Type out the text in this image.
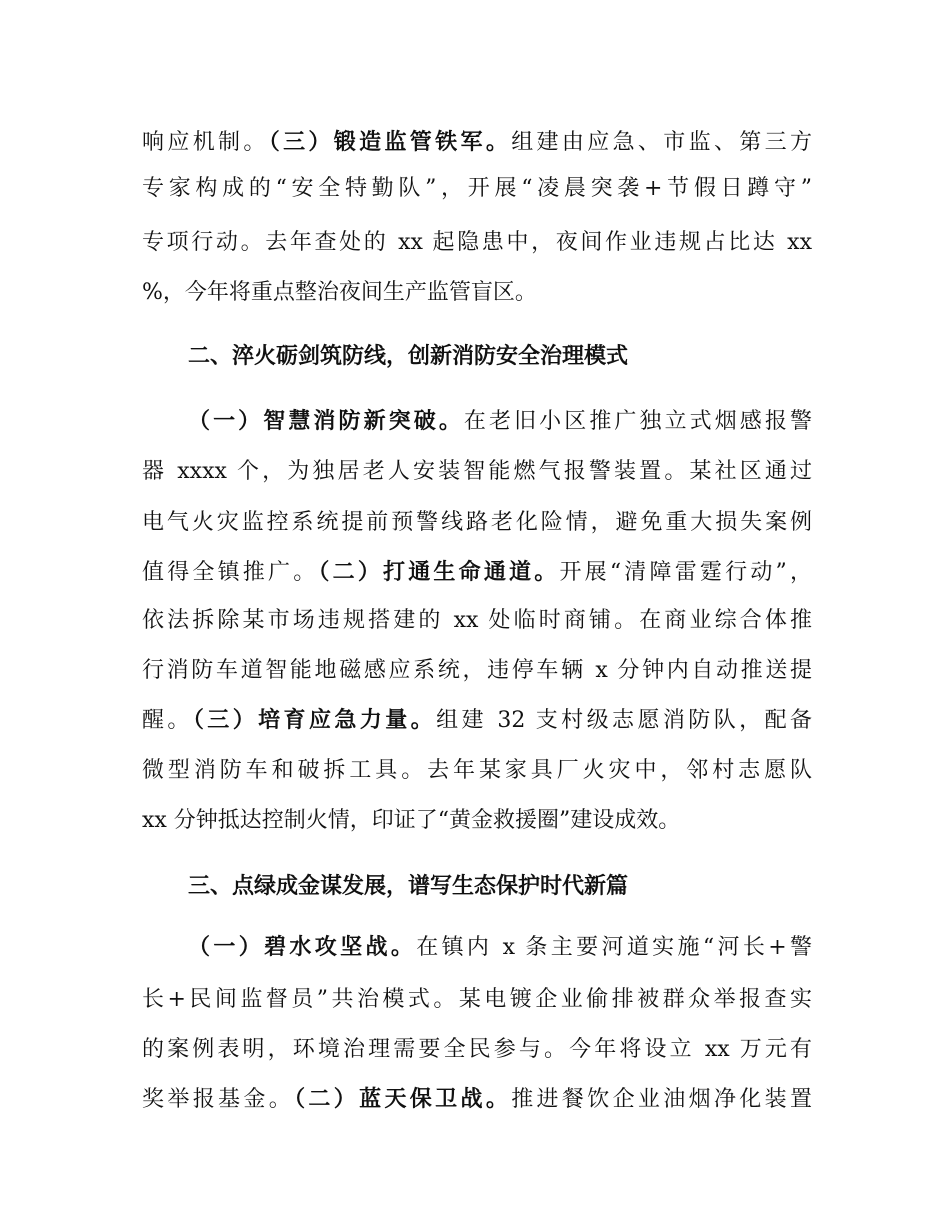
响应机制。（三）锻造监管铁军。组建由应急、市监、第三方
专家构成的“安全特勤队”，开展“凌晨突袭+节假日蹲守”
专项行动。去年查处的 xx 起隐患中，夜间作业违规占比达 xx
%，今年将重点整治夜间生产监管盲区。
二、淬火砺剑筑防线，创新消防安全治理模式
（一）智慧消防新突破。在老旧小区推广独立式烟感报警
器 xxxx 个，为独居老人安装智能燃气报警装置。某社区通过
电气火灾监控系统提前预警线路老化险情，避免重大损失案例
值得全镇推广。（二）打通生命通道。开展“清障雷霆行动”，
依法拆除某市场违规搭建的 xx 处临时商铺。在商业综合体推
行消防车道智能地磁感应系统，违停车辆 x 分钟内自动推送提
醒。（三）培育应急力量。组建 32 支村级志愿消防队，配备
微型消防车和破拆工具。去年某家具厂火灾中，邻村志愿队
xx 分钟抵达控制火情，印证了“黄金救援圈”建设成效。
三、点绿成金谋发展，谱写生态保护时代新篇
（一）碧水攻坚战。在镇内 x 条主要河道实施“河长+警
长+民间监督员”共治模式。某电镀企业偷排被群众举报查实
的案例表明，环境治理需要全民参与。今年将设立 xx 万元有
奖举报基金。（二）蓝天保卫战。推进餐饮企业油烟净化装置
